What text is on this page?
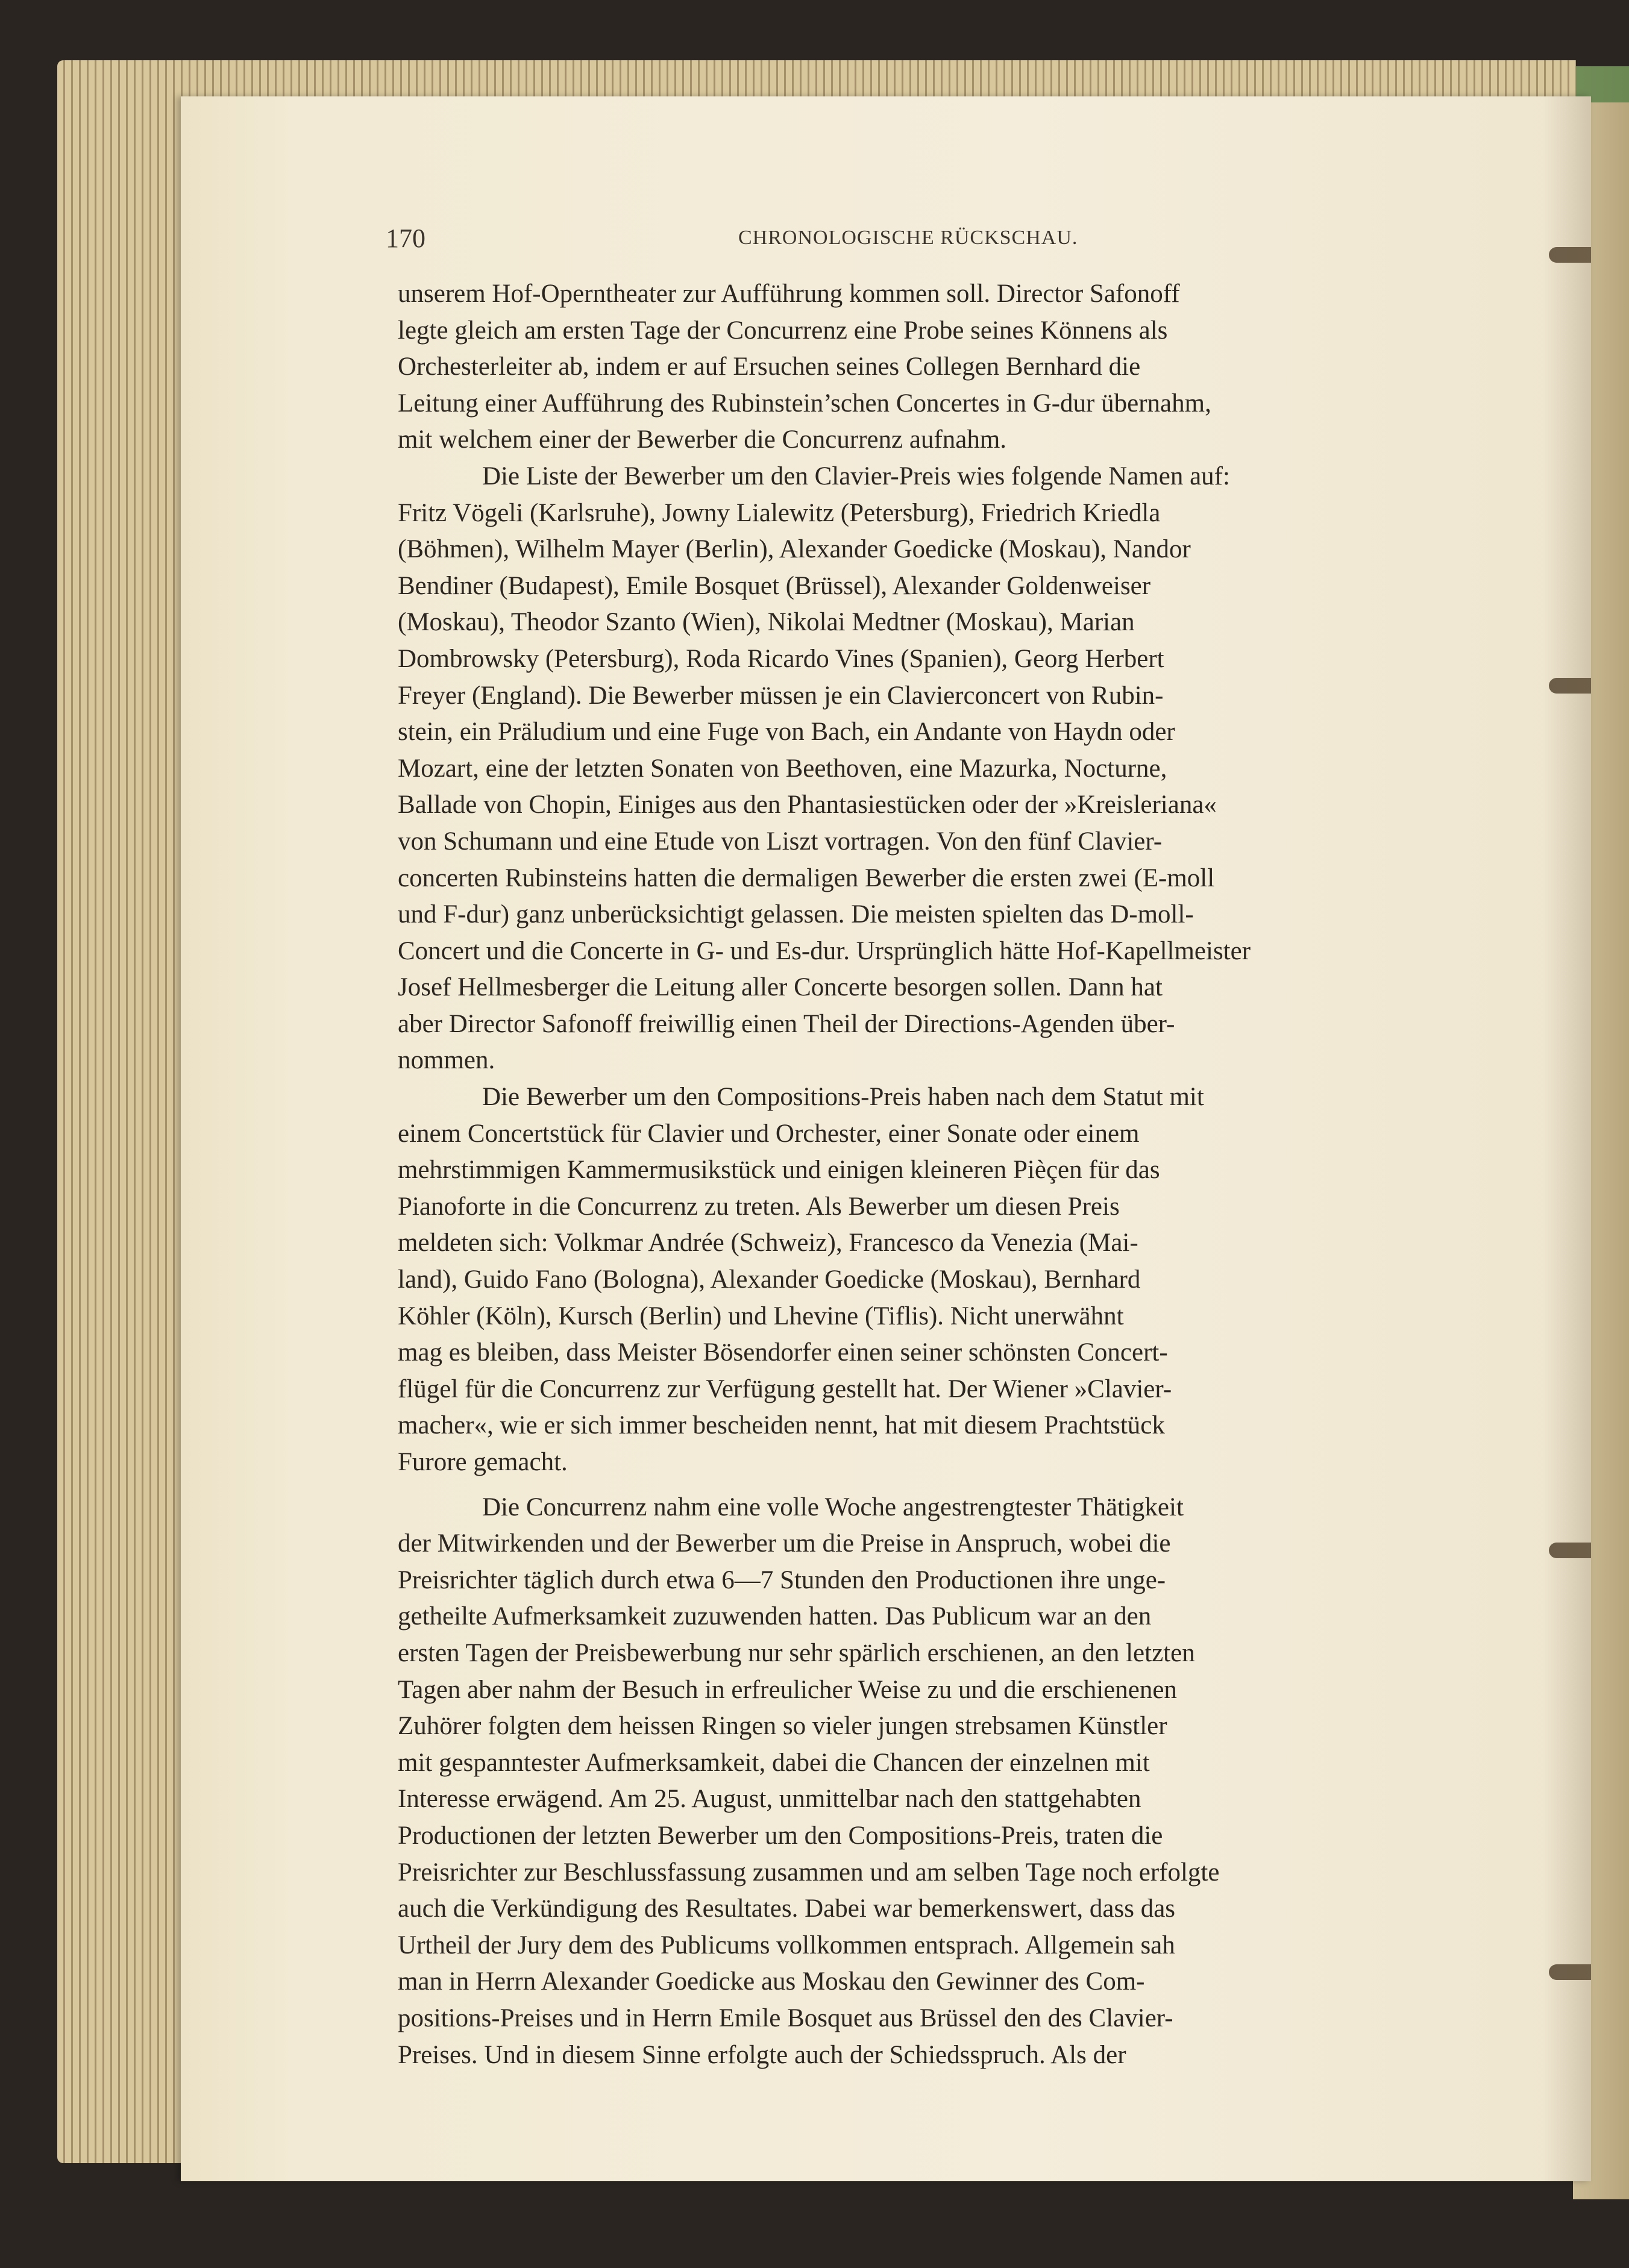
170	CHRONOLOGISCHE RÜCKSCHAU.
unserem Hof-Operntheater zur Aufführung kommen soll. Director Safonoff
legte gleich am ersten Tage der Concurrenz eine Probe seines Könnens als
Orchesterleiter ab, indem er auf Ersuchen seines Collegen Bernhard die
Leitung einer Aufführung des Rubinstein’schen Concertes in G-dur übernahm,
mit welchem einer der Bewerber die Concurrenz aufnahm.
Die Liste der Bewerber um den Clavier-Preis wies folgende Namen auf:
Fritz Vögeli (Karlsruhe), Jowny Lialewitz (Petersburg), Friedrich Kriedla
(Böhmen), Wilhelm Mayer (Berlin), Alexander Goedicke (Moskau), Nandor
Bendiner (Budapest), Emile Bosquet (Brüssel), Alexander Goldenweiser
(Moskau), Theodor Szanto (Wien), Nikolai Medtner (Moskau), Marian
Dombrowsky (Petersburg), Roda Ricardo Vines (Spanien), Georg Herbert
Freyer (England). Die Bewerber müssen je ein Clavierconcert von Rubin-
stein, ein Präludium und eine Fuge von Bach, ein Andante von Haydn oder
Mozart, eine der letzten Sonaten von Beethoven, eine Mazurka, Nocturne,
Ballade von Chopin, Einiges aus den Phantasiestücken oder der »Kreisleriana«
von Schumann und eine Etude von Liszt vortragen. Von den fünf Clavier-
concerten Rubinsteins hatten die dermaligen Bewerber die ersten zwei (E-moll
und F-dur) ganz unberücksichtigt gelassen. Die meisten spielten das D-moll-
Concert und die Concerte in G- und Es-dur. Ursprünglich hätte Hof-Kapellmeister
Josef Hellmesberger die Leitung aller Concerte besorgen sollen. Dann hat
aber Director Safonoff freiwillig einen Theil der Directions-Agenden über-
nommen.
Die Bewerber um den Compositions-Preis haben nach dem Statut mit
einem Concertstück für Clavier und Orchester, einer Sonate oder einem
mehrstimmigen Kammermusikstück und einigen kleineren Pièçen für das
Pianoforte in die Concurrenz zu treten. Als Bewerber um diesen Preis
meldeten sich: Volkmar Andrée (Schweiz), Francesco da Venezia (Mai-
land), Guido Fano (Bologna), Alexander Goedicke (Moskau), Bernhard
Köhler (Köln), Kursch (Berlin) und Lhevine (Tiflis). Nicht unerwähnt
mag es bleiben, dass Meister Bösendorfer einen seiner schönsten Concert-
flügel für die Concurrenz zur Verfügung gestellt hat. Der Wiener »Clavier-
macher«, wie er sich immer bescheiden nennt, hat mit diesem Prachtstück
Furore gemacht.
Die Concurrenz nahm eine volle Woche angestrengtester Thätigkeit
der Mitwirkenden und der Bewerber um die Preise in Anspruch, wobei die
Preisrichter täglich durch etwa 6—7 Stunden den Productionen ihre unge-
getheilte Aufmerksamkeit zuzuwenden hatten. Das Publicum war an den
ersten Tagen der Preisbewerbung nur sehr spärlich erschienen, an den letzten
Tagen aber nahm der Besuch in erfreulicher Weise zu und die erschienenen
Zuhörer folgten dem heissen Ringen so vieler jungen strebsamen Künstler
mit gespanntester Aufmerksamkeit, dabei die Chancen der einzelnen mit
Interesse erwägend. Am 25. August, unmittelbar nach den stattgehabten
Productionen der letzten Bewerber um den Compositions-Preis, traten die
Preisrichter zur Beschlussfassung zusammen und am selben Tage noch erfolgte
auch die Verkündigung des Resultates. Dabei war bemerkenswert, dass das
Urtheil der Jury dem des Publicums vollkommen entsprach. Allgemein sah
man in Herrn Alexander Goedicke aus Moskau den Gewinner des Com-
positions-Preises und in Herrn Emile Bosquet aus Brüssel den des Clavier-
Preises. Und in diesem Sinne erfolgte auch der Schiedsspruch. Als der
